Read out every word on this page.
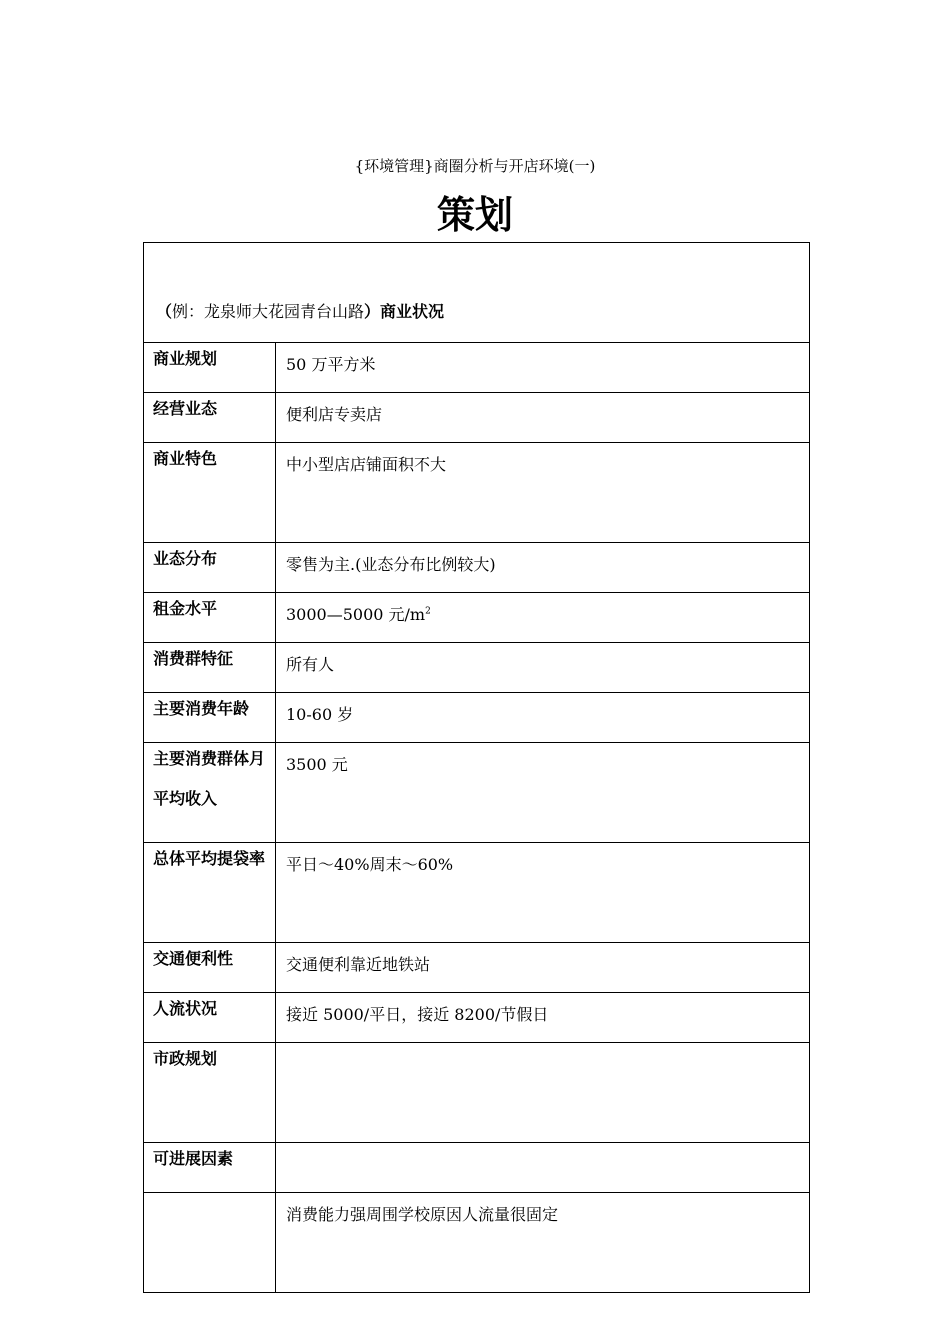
{环境管理}商圈分析与开店环境(一)
策划
（例：龙泉师大花园青台山路）商业状况	

商业规划	50 万平方米

经营业态	便利店专卖店

商业特色	中小型店店铺面积不大

业态分布	零售为主.(业态分布比例较大)

租金水平	3000—5000 元$/m^2$

消费群特征	所有人

主要消费年龄	10-60 岁

主要消费群体月平均收入	3500 元

总体平均提袋率	平日～40%周末～60%

交通便利性	交通便利靠近地铁站

人流状况	接近 5000/平日，接近 8200/节假日

市政规划	

可进展因素	

	消费能力强周围学校原因人流量很固定
